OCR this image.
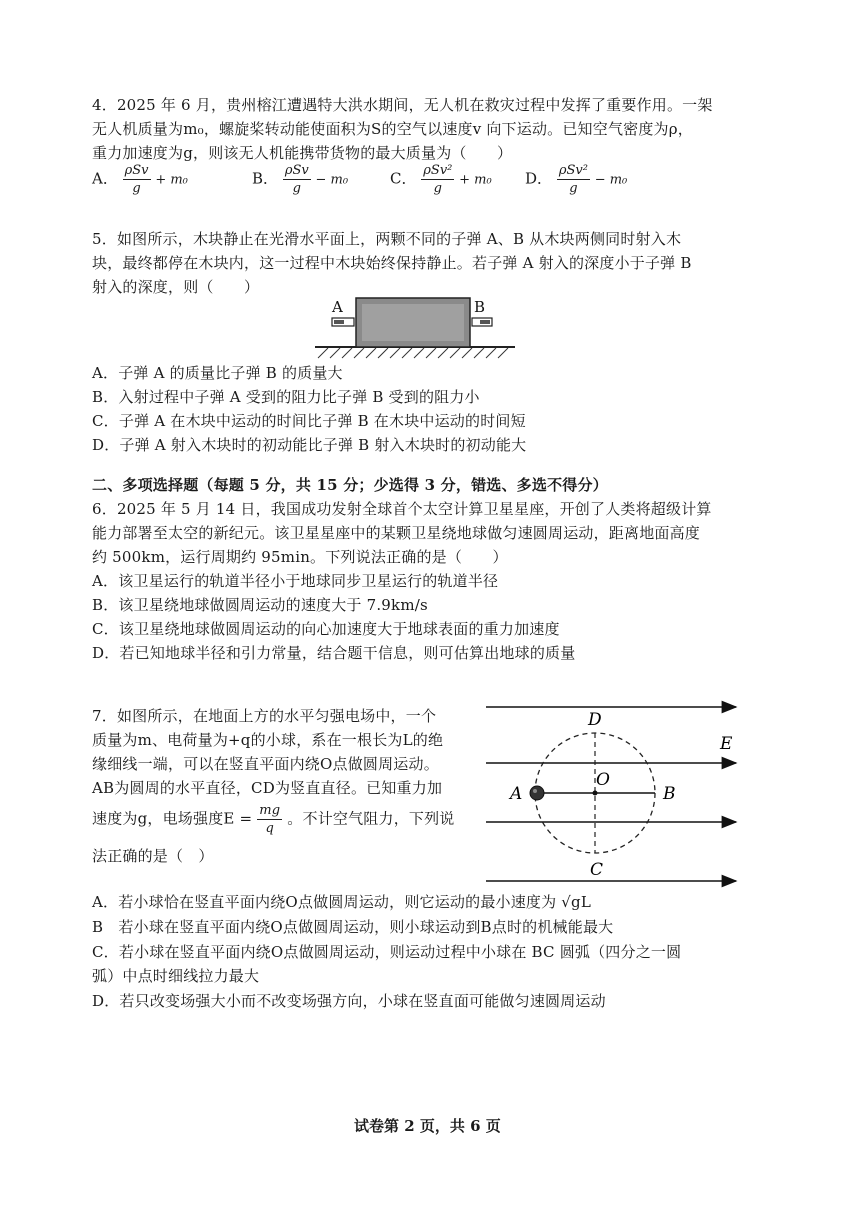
4．2025 年 6 月，贵州榕江遭遇特大洪水期间，无人机在救灾过程中发挥了重要作用。一架
无人机质量为m₀，螺旋桨转动能使面积为S的空气以速度v 向下运动。已知空气密度为ρ，
重力加速度为g，则该无人机能携带货物的最大质量为（　　）
A． $\frac{\text{ρSv}}{g} + m_0$	B． $\frac{\text{ρSv}}{g} - m_0$	C． $\frac{\text{ρSv²}}{g} + m_0$ D． $\frac{\text{ρSv²}}{g} - m_0$
5．如图所示，木块静止在光滑水平面上，两颗不同的子弹 A、B 从木块两侧同时射入木
块，最终都停在木块内，这一过程中木块始终保持静止。若子弹 A 射入的深度小于子弹 B
射入的深度，则（　　）
A	B
A．子弹 A 的质量比子弹 B 的质量大
B．入射过程中子弹 A 受到的阻力比子弹 B 受到的阻力小
C．子弹 A 在木块中运动的时间比子弹 B 在木块中运动的时间短
D．子弹 A 射入木块时的初动能比子弹 B 射入木块时的初动能大
二、多项选择题（每题 5 分，共 15 分；少选得 3 分，错选、多选不得分）
6．2025 年 5 月 14 日，我国成功发射全球首个太空计算卫星星座，开创了人类将超级计算
能力部署至太空的新纪元。该卫星星座中的某颗卫星绕地球做匀速圆周运动，距离地面高度
约 500km，运行周期约 95min。下列说法正确的是（　　）
A．该卫星运行的轨道半径小于地球同步卫星运行的轨道半径
B．该卫星绕地球做圆周运动的速度大于 7.9km/s
C．该卫星绕地球做圆周运动的向心加速度大于地球表面的重力加速度
D．若已知地球半径和引力常量，结合题干信息，则可估算出地球的质量
7．如图所示，在地面上方的水平匀强电场中，一个
质量为m、电荷量为+q的小球，系在一根长为L的绝
缘细线一端，可以在竖直平面内绕O点做圆周运动。
AB为圆周的水平直径，CD为竖直直径。已知重力加
速度为g，电场强度$E = \frac{mg}{q}$ 。不计空气阻力，下列说
法正确的是（　）
D
E
A
O
B
C
A．若小球恰在竖直平面内绕O点做圆周运动，则它运动的最小速度为 √gL
B　若小球在竖直平面内绕O点做圆周运动，则小球运动到B点时的机械能最大
C．若小球在竖直平面内绕O点做圆周运动，则运动过程中小球在 BC 圆弧（四分之一圆
弧）中点时细线拉力最大
D．若只改变场强大小而不改变场强方向，小球在竖直面可能做匀速圆周运动
试卷第 2 页，共 6 页
